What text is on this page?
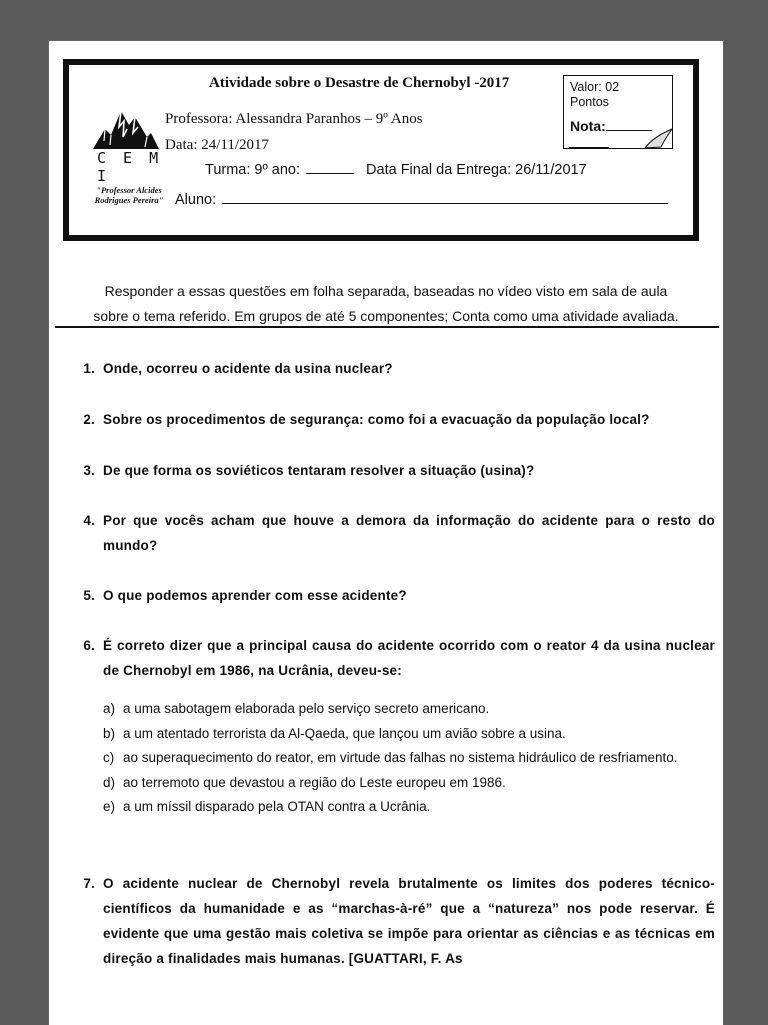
C E M I
"Professor Alcides
Rodrigues Pereira"
Atividade sobre o Desastre de Chernobyl -2017
Professora: Alessandra Paranhos – 9º Anos
Data: 24/11/2017
Turma: 9º ano:	Data Final da Entrega: 26/11/2017
Aluno:
Valor: 02 Pontos
Nota:
Responder a essas questões em folha separada, baseadas no vídeo visto em sala de aula
sobre o tema referido. Em grupos de até 5 componentes; Conta como uma atividade avaliada.
1. Onde, ocorreu o acidente da usina nuclear?
2. Sobre os procedimentos de segurança: como foi a evacuação da população local?
3. De que forma os soviéticos tentaram resolver a situação (usina)?
4. Por que vocês acham que houve a demora da informação do acidente para o resto do mundo?
5. O que podemos aprender com esse acidente?
6. É correto dizer que a principal causa do acidente ocorrido com o reator 4 da usina nuclear de Chernobyl em 1986, na Ucrânia, deveu-se:
a) a uma sabotagem elaborada pelo serviço secreto americano.
b) a um atentado terrorista da Al-Qaeda, que lançou um avião sobre a usina.
c) ao superaquecimento do reator, em virtude das falhas no sistema hidráulico de resfriamento.
d) ao terremoto que devastou a região do Leste europeu em 1986.
e) a um míssil disparado pela OTAN contra a Ucrânia.
7. O acidente nuclear de Chernobyl revela brutalmente os limites dos poderes técnico-científicos da humanidade e as “marchas-à-ré” que a “natureza” nos pode reservar. É evidente que uma gestão mais coletiva se impõe para orientar as ciências e as técnicas em direção a finalidades mais humanas. [GUATTARI, F. As
